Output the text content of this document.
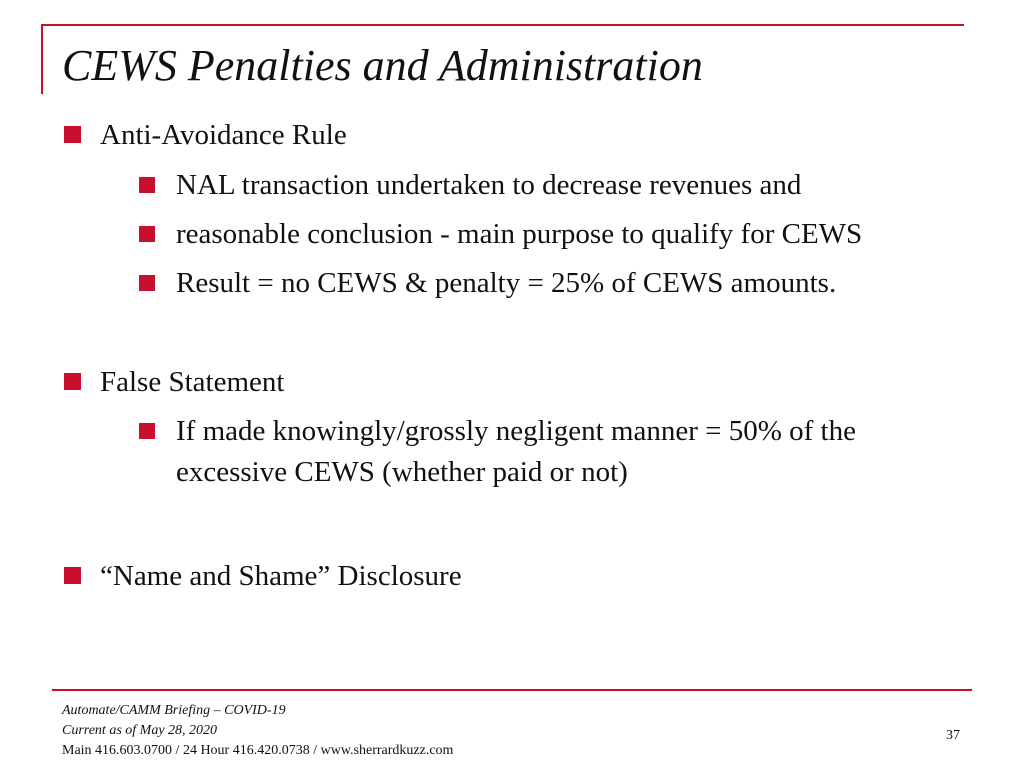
CEWS Penalties and Administration
Anti-Avoidance Rule
NAL transaction undertaken to decrease revenues and
reasonable conclusion - main purpose to qualify for CEWS
Result = no CEWS & penalty = 25% of CEWS amounts.
False Statement
If made knowingly/grossly negligent manner = 50% of the
excessive CEWS (whether paid or not)
“Name and Shame” Disclosure
Automate/CAMM Briefing – COVID-19
Current as of May 28, 2020
Main 416.603.0700 / 24 Hour 416.420.0738 / www.sherrardkuzz.com
37
